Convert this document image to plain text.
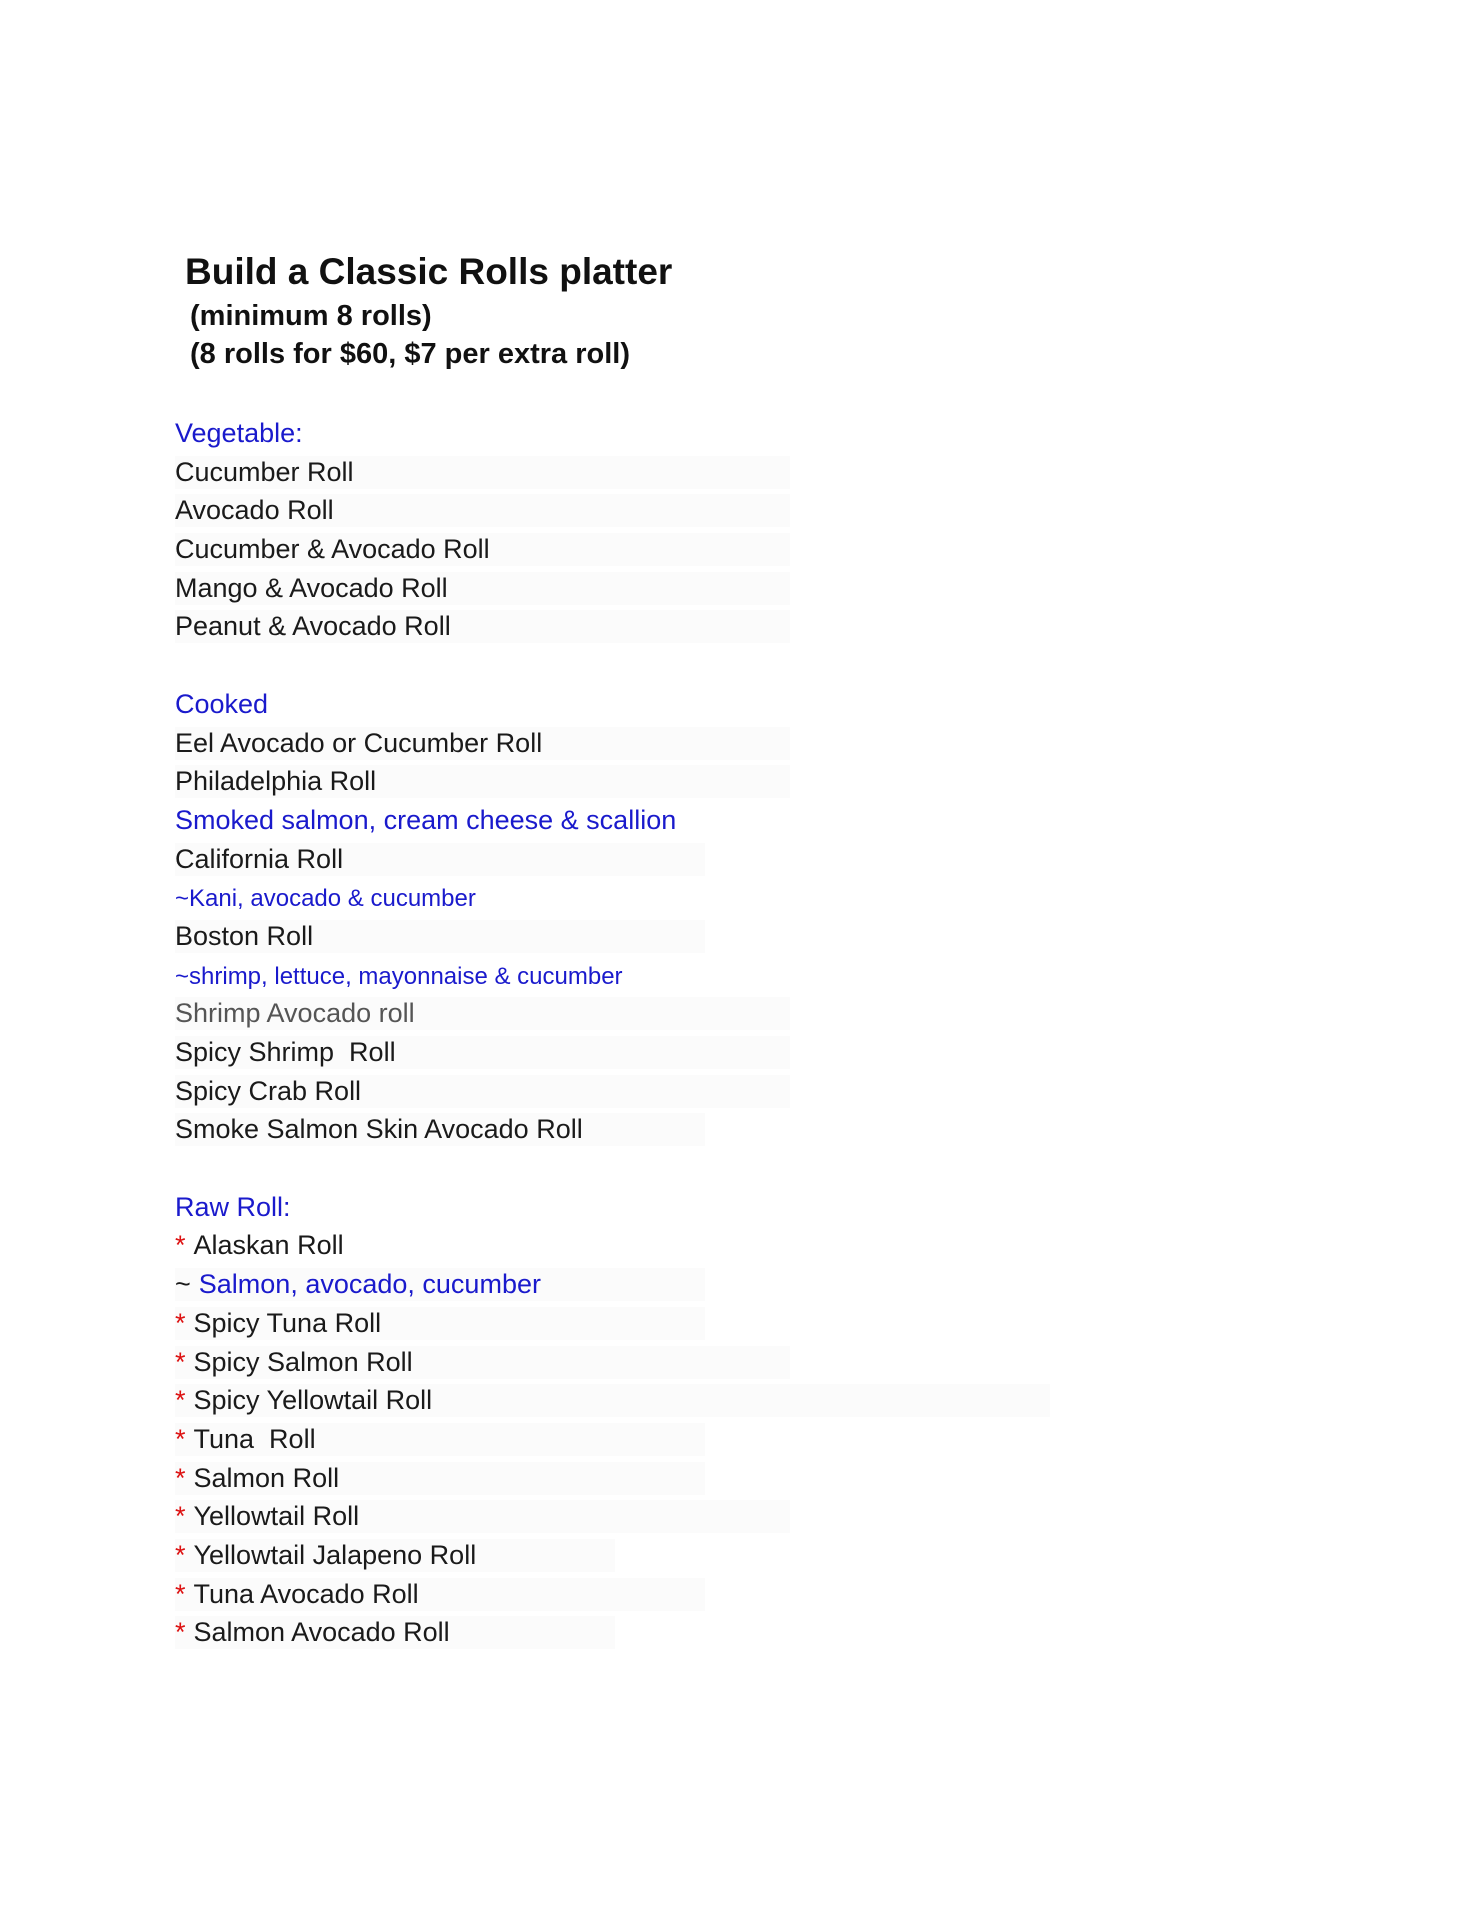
Build a Classic Rolls platter
(minimum 8 rolls)
(8 rolls for $60, $7 per extra roll)
Vegetable:
Cucumber Roll
Avocado Roll
Cucumber & Avocado Roll
Mango & Avocado Roll
Peanut & Avocado Roll
Cooked
Eel Avocado or Cucumber Roll
Philadelphia Roll
Smoked salmon, cream cheese & scallion
California Roll
~Kani, avocado & cucumber
Boston Roll
~shrimp, lettuce, mayonnaise & cucumber
Shrimp Avocado roll
Spicy Shrimp  Roll
Spicy Crab Roll
Smoke Salmon Skin Avocado Roll
Raw Roll:
* Alaskan Roll
~ Salmon, avocado, cucumber
* Spicy Tuna Roll
* Spicy Salmon Roll
* Spicy Yellowtail Roll
* Tuna  Roll
* Salmon Roll
* Yellowtail Roll
* Yellowtail Jalapeno Roll
* Tuna Avocado Roll
* Salmon Avocado Roll
